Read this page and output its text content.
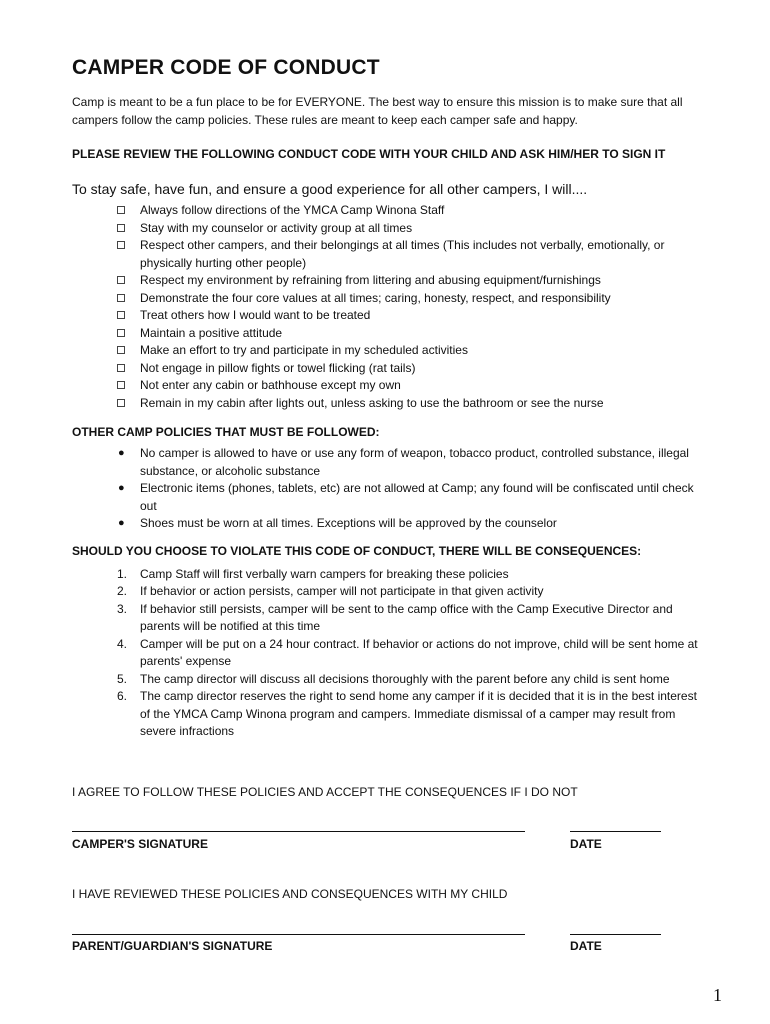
CAMPER CODE OF CONDUCT

Camp is meant to be a fun place to be for EVERYONE. The best way to ensure this mission is to make sure that all campers follow the camp policies. These rules are meant to keep each camper safe and happy.

PLEASE REVIEW THE FOLLOWING CONDUCT CODE WITH YOUR CHILD AND ASK HIM/HER TO SIGN IT

To stay safe, have fun, and ensure a good experience for all other campers, I will....

Always follow directions of the YMCA Camp Winona Staff
Stay with my counselor or activity group at all times
Respect other campers, and their belongings at all times (This includes not verbally, emotionally, or physically hurting other people)
Respect my environment by refraining from littering and abusing equipment/furnishings
Demonstrate the four core values at all times; caring, honesty, respect, and responsibility
Treat others how I would want to be treated
Maintain a positive attitude
Make an effort to try and participate in my scheduled activities
Not engage in pillow fights or towel flicking (rat tails)
Not enter any cabin or bathhouse except my own
Remain in my cabin after lights out, unless asking to use the bathroom or see the nurse

OTHER CAMP POLICIES THAT MUST BE FOLLOWED:

● No camper is allowed to have or use any form of weapon, tobacco product, controlled substance, illegal substance, or alcoholic substance
● Electronic items (phones, tablets, etc) are not allowed at Camp; any found will be confiscated until check out
● Shoes must be worn at all times. Exceptions will be approved by the counselor

SHOULD YOU CHOOSE TO VIOLATE THIS CODE OF CONDUCT, THERE WILL BE CONSEQUENCES:

1. Camp Staff will first verbally warn campers for breaking these policies
2. If behavior or action persists, camper will not participate in that given activity
3. If behavior still persists, camper will be sent to the camp office with the Camp Executive Director and parents will be notified at this time
4. Camper will be put on a 24 hour contract. If behavior or actions do not improve, child will be sent home at parents' expense
5. The camp director will discuss all decisions thoroughly with the parent before any child is sent home
6. The camp director reserves the right to send home any camper if it is decided that it is in the best interest of the YMCA Camp Winona program and campers. Immediate dismissal of a camper may result from severe infractions
I AGREE TO FOLLOW THESE POLICIES AND ACCEPT THE CONSEQUENCES IF I DO NOT
CAMPER'S SIGNATURE	DATE
I HAVE REVIEWED THESE POLICIES AND CONSEQUENCES WITH MY CHILD
PARENT/GUARDIAN'S SIGNATURE	DATE
1
